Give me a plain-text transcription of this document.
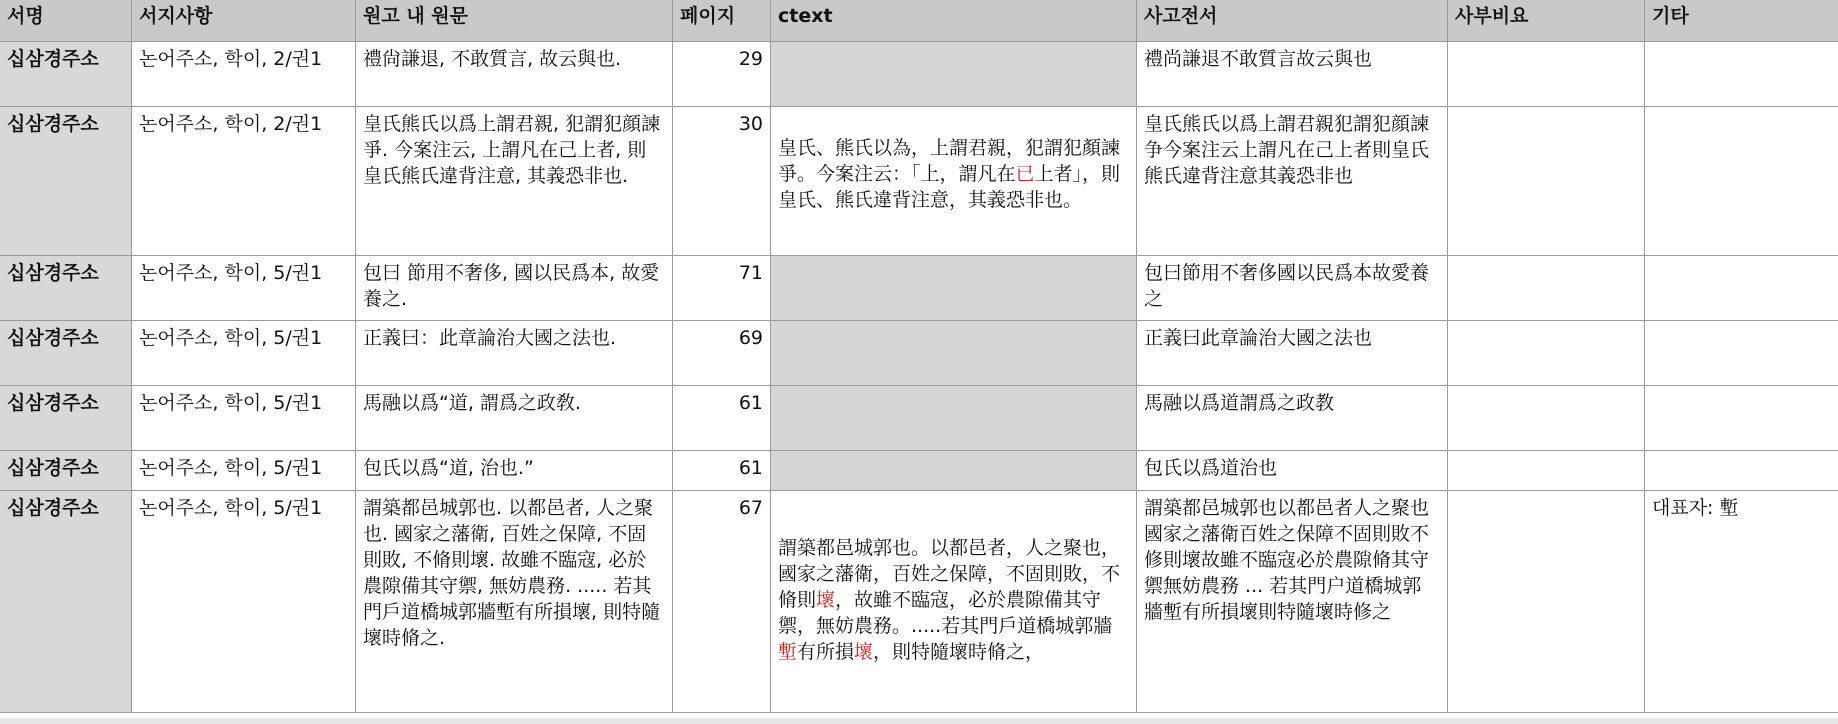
서명	서지사항	원고 내 원문	페이지	ctext	사고전서	사부비요	기타
십삼경주소	논어주소, 학이, 2/권1	禮尙謙退, 不敢質言, 故云與也.	29		禮尚謙退不敢質言故云與也		
십삼경주소	논어주소, 학이, 2/권1	皇氏熊氏以爲上謂君親, 犯謂犯顔諫爭. 今案注云, 上謂凡在己上者, 則皇氏熊氏違背注意, 其義恐非也.	30	皇氏、熊氏以為，上謂君親，犯謂犯顏諫爭。今案注云：「上，謂凡在已上者」，則皇氏、熊氏違背注意，其義恐非也。	皇氏熊氏以爲上謂君親犯謂犯顔諫争今案注云上謂凡在己上者則皇氏熊氏違背注意其義恐非也		
십삼경주소	논어주소, 학이, 5/권1	包曰 節用不奢侈, 國以民爲本, 故愛養之.	71		包曰節用不奢侈國以民爲本故愛養之		
십삼경주소	논어주소, 학이, 5/권1	正義曰：此章論治大國之法也.	69		正義曰此章論治大國之法也		
십삼경주소	논어주소, 학이, 5/권1	馬融以爲“道, 謂爲之政敎.	61		馬融以爲道謂爲之政教		
십삼경주소	논어주소, 학이, 5/권1	包氏以爲“道, 治也.”	61		包氏以爲道治也		
십삼경주소	논어주소, 학이, 5/권1	謂築都邑城郭也. 以都邑者, 人之聚也. 國家之藩衛, 百姓之保障, 不固則敗, 不脩則壞. 故雖不臨寇, 必於農隙備其守禦, 無妨農務. ..... 若其門戶道橋城郭牆塹有所損壞, 則特隨壞時脩之.	67	謂築都邑城郭也。以都邑者，人之聚也，國家之藩衛，百姓之保障，不固則敗，不脩則壞，故雖不臨寇，必於農隙備其守禦，無妨農務。.....若其門戶道橋城郭牆塹有所損壞，則特隨壞時脩之，	謂築都邑城郭也以都邑者人之聚也國家之藩衛百姓之保障不固則敗不修則壞故雖不臨寇必於農隙脩其守禦無妨農務 ... 若其門户道橋城郭牆塹有所損壞則特隨壞時修之		대표자: 塹
